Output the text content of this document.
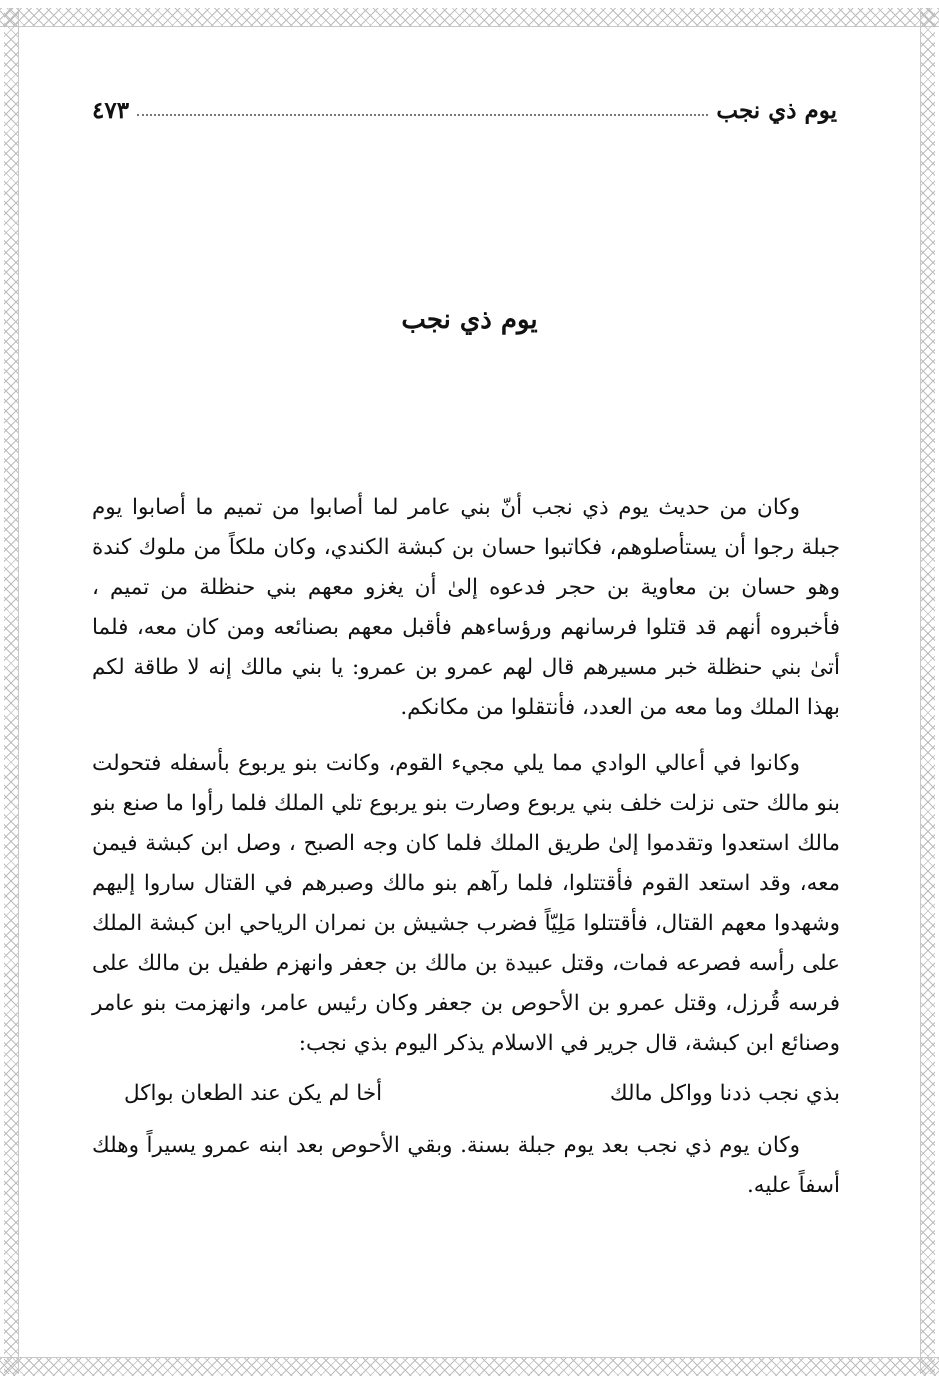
يوم ذي نجب
٤٧٣
يوم ذي نجب

وكان من حديث يوم ذي نجب أنّ بني عامر لما أصابوا من تميم ما أصابوا يوم جبلة رجوا أن يستأصلوهم، فكاتبوا حسان بن كبشة الكندي، وكان ملكاً من ملوك كندة وهو حسان بن معاوية بن حجر فدعوه إلىٰ أن يغزو معهم بني حنظلة من تميم ، فأخبروه أنهم قد قتلوا فرسانهم ورؤساءهم فأقبل معهم بصنائعه ومن كان معه، فلما أتىٰ بني حنظلة خبر مسيرهم قال لهم عمرو بن عمرو: يا بني مالك إنه لا طاقة لكم بهذا الملك وما معه من العدد، فأنتقلوا من مكانكم.

وكانوا في أعالي الوادي مما يلي مجيء القوم، وكانت بنو يربوع بأسفله فتحولت بنو مالك حتى نزلت خلف بني يربوع وصارت بنو يربوع تلي الملك فلما رأوا ما صنع بنو مالك استعدوا وتقدموا إلىٰ طريق الملك فلما كان وجه الصبح ، وصل ابن كبشة فيمن معه، وقد استعد القوم فأقتتلوا، فلما رآهم بنو مالك وصبرهم في القتال ساروا إليهم وشهدوا معهم القتال، فأقتتلوا مَلِيّاً فضرب جشيش بن نمران الرياحي ابن كبشة الملك على رأسه فصرعه فمات، وقتل عبيدة بن مالك بن جعفر وانهزم طفيل بن مالك على فرسه قُرزل، وقتل عمرو بن الأحوص بن جعفر وكان رئيس عامر، وانهزمت بنو عامر وصنائع ابن كبشة، قال جرير في الاسلام يذكر اليوم بذي نجب:

بذي نجب ذدنا وواكل مالك
أخا لم يكن عند الطعان بواكل

وكان يوم ذي نجب بعد يوم جبلة بسنة. وبقي الأحوص بعد ابنه عمرو يسيراً وهلك أسفاً عليه.
